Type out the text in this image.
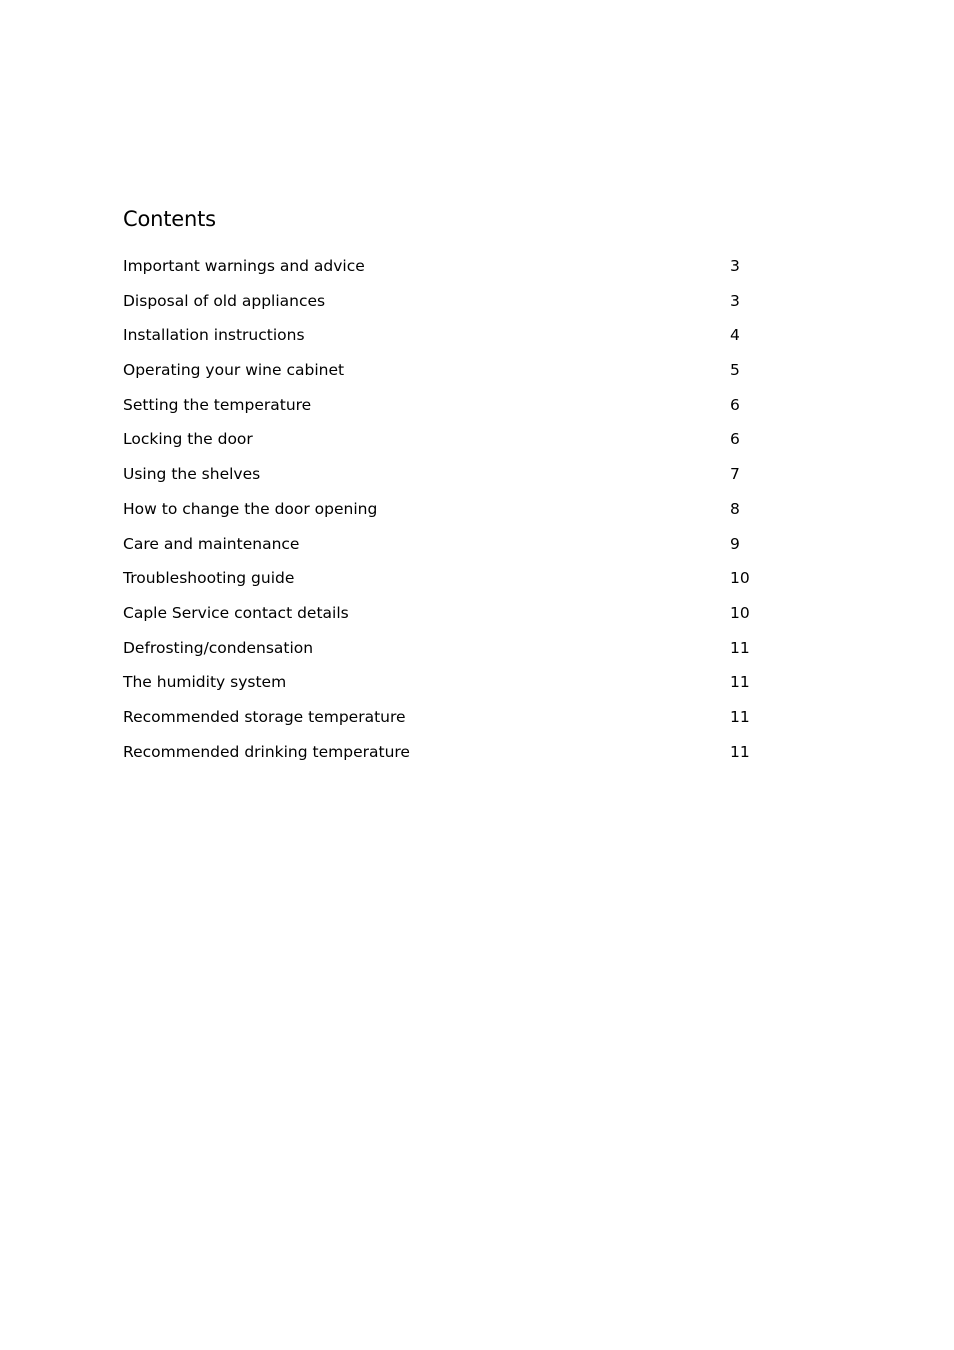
Contents
Important warnings and advice	3
Disposal of old appliances	3
Installation instructions	4
Operating your wine cabinet	5
Setting the temperature	6
Locking the door	6
Using the shelves	7
How to change the door opening	8
Care and maintenance	9
Troubleshooting guide	10
Caple Service contact details	10
Defrosting/condensation	11
The humidity system	11
Recommended storage temperature	11
Recommended drinking temperature	11
